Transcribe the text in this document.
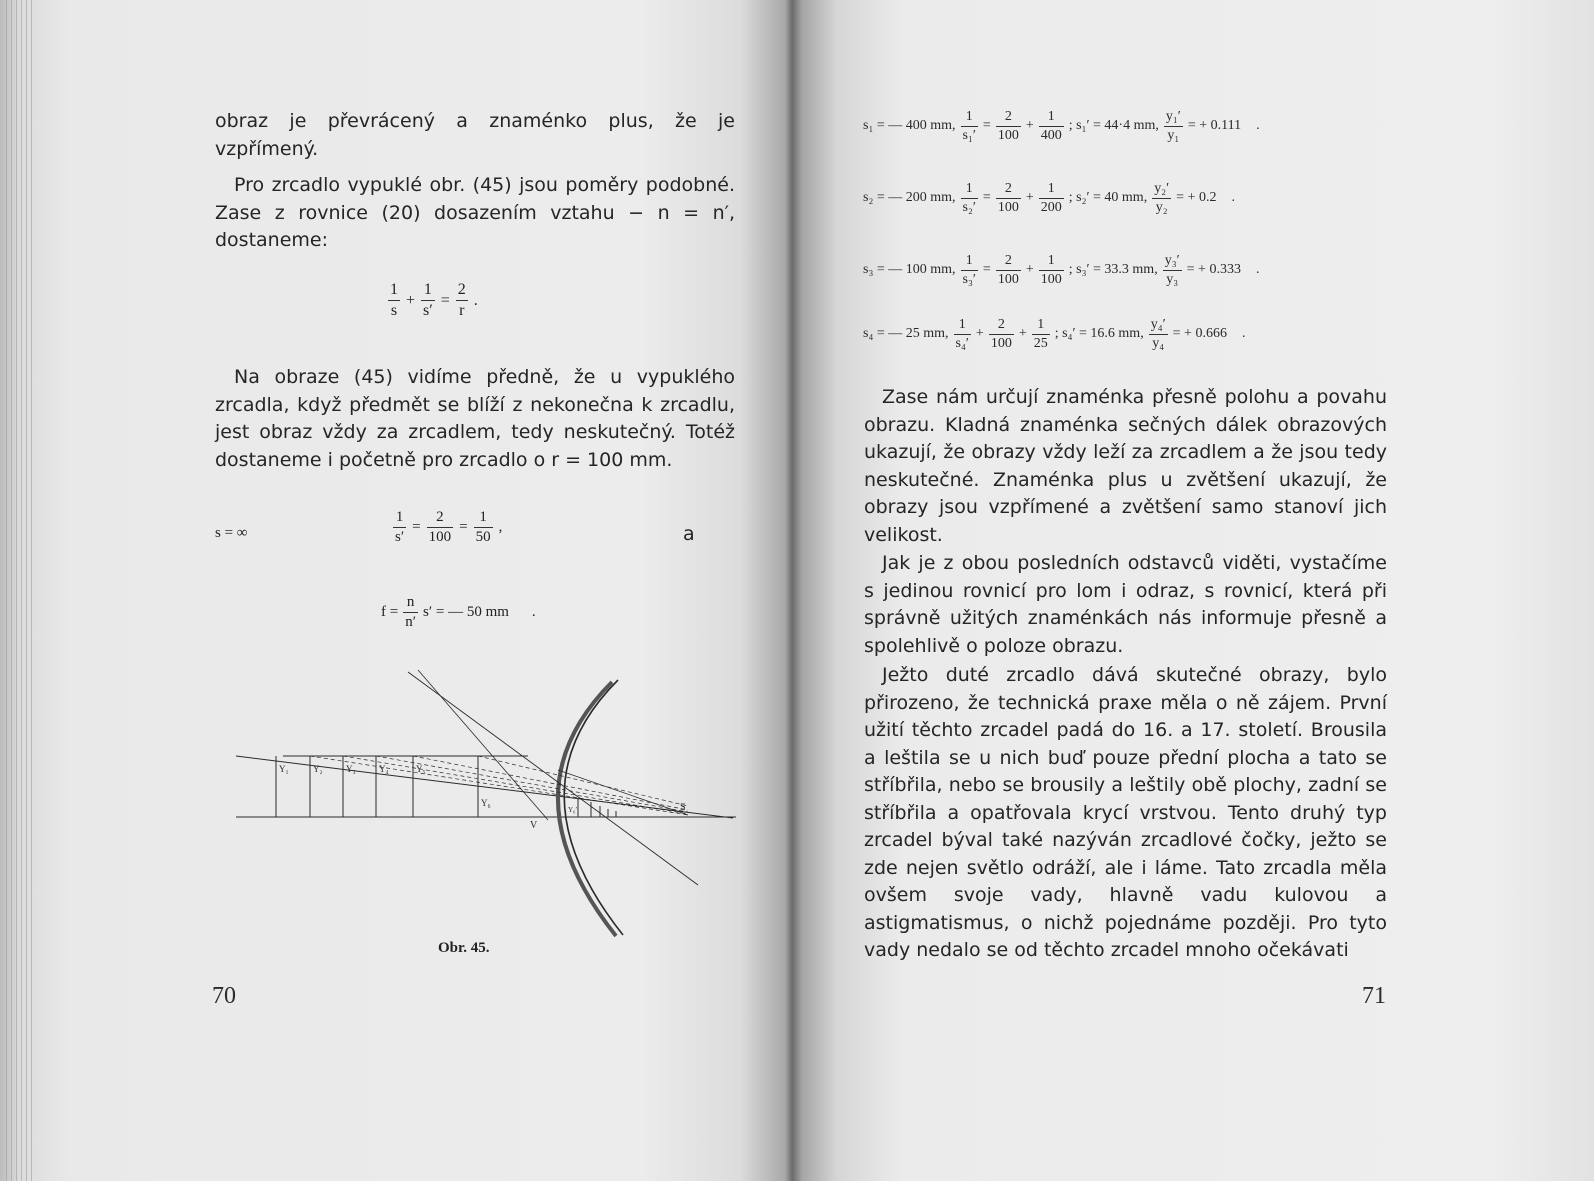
obraz je převrácený a znaménko plus, že je vzpřímený.

Pro zrcadlo vypuklé obr. (45) jsou poměry podobné. Zase z rovnice (20) dosazením vztahu − n = n′, dostaneme:

$\frac{1}{s} + \frac{1}{s'} = \frac{2}{r}$ .

Na obraze (45) vidíme předně, že u vypuklého zrcadla, když předmět se blíží z nekonečna k zrcadlu, jest obraz vždy za zrcadlem, tedy neskutečný. Totéž dostaneme i početně pro zrcadlo o r = 100 mm.

s = ∞	$\frac{1}{s'} = \frac{2}{100} = \frac{1}{50}$ ,	a
$f = \frac{n}{n'} s'$ = — 50 mm .
Y₁	Y₂	Y₃	Y₄	Y₅
Y₆
V
S
Y₆′
Obr. 45.
70
s₁ = — 400 mm, $\frac{1}{\text{s₁′}} = \frac{2}{100} + \frac{1}{400}$ ; s₁′ = 44·4 mm, $\frac{\text{y₁′}}{\text{y₁}}$ = + 0.111 .
s₂ = — 200 mm, $\frac{1}{\text{s₂′}} = \frac{2}{100} + \frac{1}{200}$ ; s₂′ = 40 mm, $\frac{\text{y₂′}}{\text{y₂}}$ = + 0.2 .
s₃ = — 100 mm, $\frac{1}{\text{s₃′}} = \frac{2}{100} + \frac{1}{100}$ ; s₃′ = 33.3 mm, $\frac{\text{y₃′}}{\text{y₃}}$ = + 0.333 .
s₄ = — 25 mm, $\frac{1}{\text{s₄′}} + \frac{2}{100} + \frac{1}{25}$ ; s₄′ = 16.6 mm, $\frac{\text{y₄′}}{\text{y₄}}$ = + 0.666 .

Zase nám určují znaménka přesně polohu a povahu obrazu. Kladná znaménka sečných dálek obrazových ukazují, že obrazy vždy leží za zrcadlem a že jsou tedy neskutečné. Znaménka plus u zvětšení ukazují, že obrazy jsou vzpřímené a zvětšení samo stanoví jich velikost.

Jak je z obou posledních odstavců viděti, vystačíme s jedinou rovnicí pro lom i odraz, s rovnicí, která při správně užitých znaménkách nás informuje přesně a spolehlivě o poloze obrazu.

Ježto duté zrcadlo dává skutečné obrazy, bylo přirozeno, že technická praxe měla o ně zájem. První užití těchto zrcadel padá do 16. a 17. století. Brousila a leštila se u nich buď pouze přední plocha a tato se stříbřila, nebo se brousily a leštily obě plochy, zadní se stříbřila a opatřovala krycí vrstvou. Tento druhý typ zrcadel býval také nazýván zrcadlové čočky, ježto se zde nejen světlo odráží, ale i láme. Tato zrcadla měla ovšem svoje vady, hlavně vadu kulovou a astigmatismus, o nichž pojednáme později. Pro tyto vady nedalo se od těchto zrcadel mnoho očekávati

71
